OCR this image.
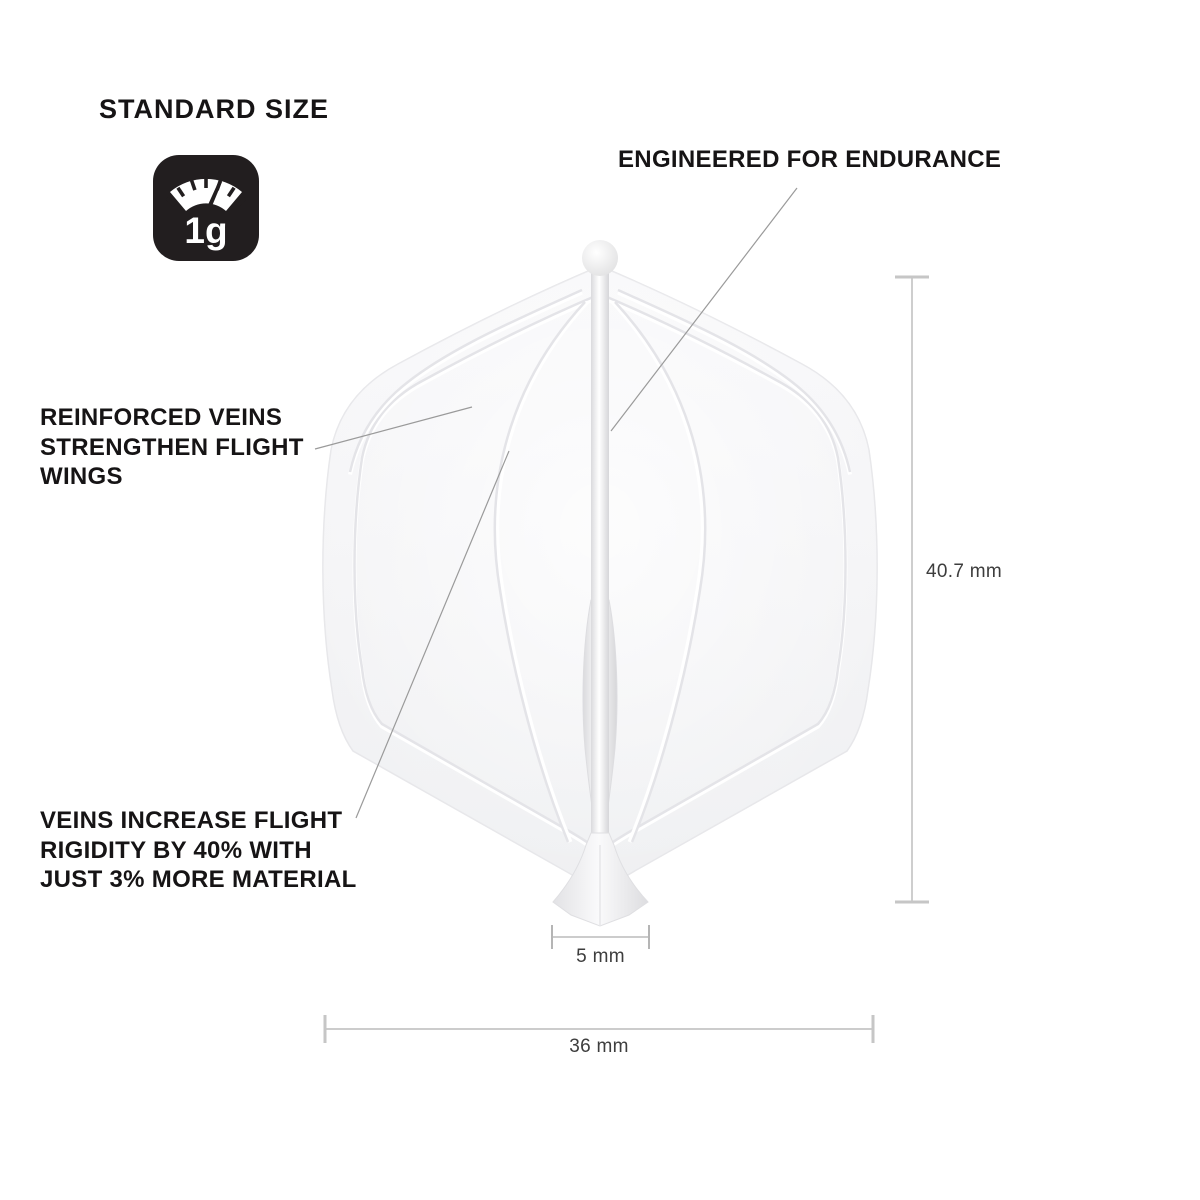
STANDARD SIZE
1g
ENGINEERED FOR ENDURANCE
REINFORCED VEINS STRENGTHEN FLIGHT WINGS
VEINS INCREASE FLIGHT RIGIDITY BY 40% WITH JUST 3% MORE MATERIAL
40.7 mm
5 mm
36 mm
